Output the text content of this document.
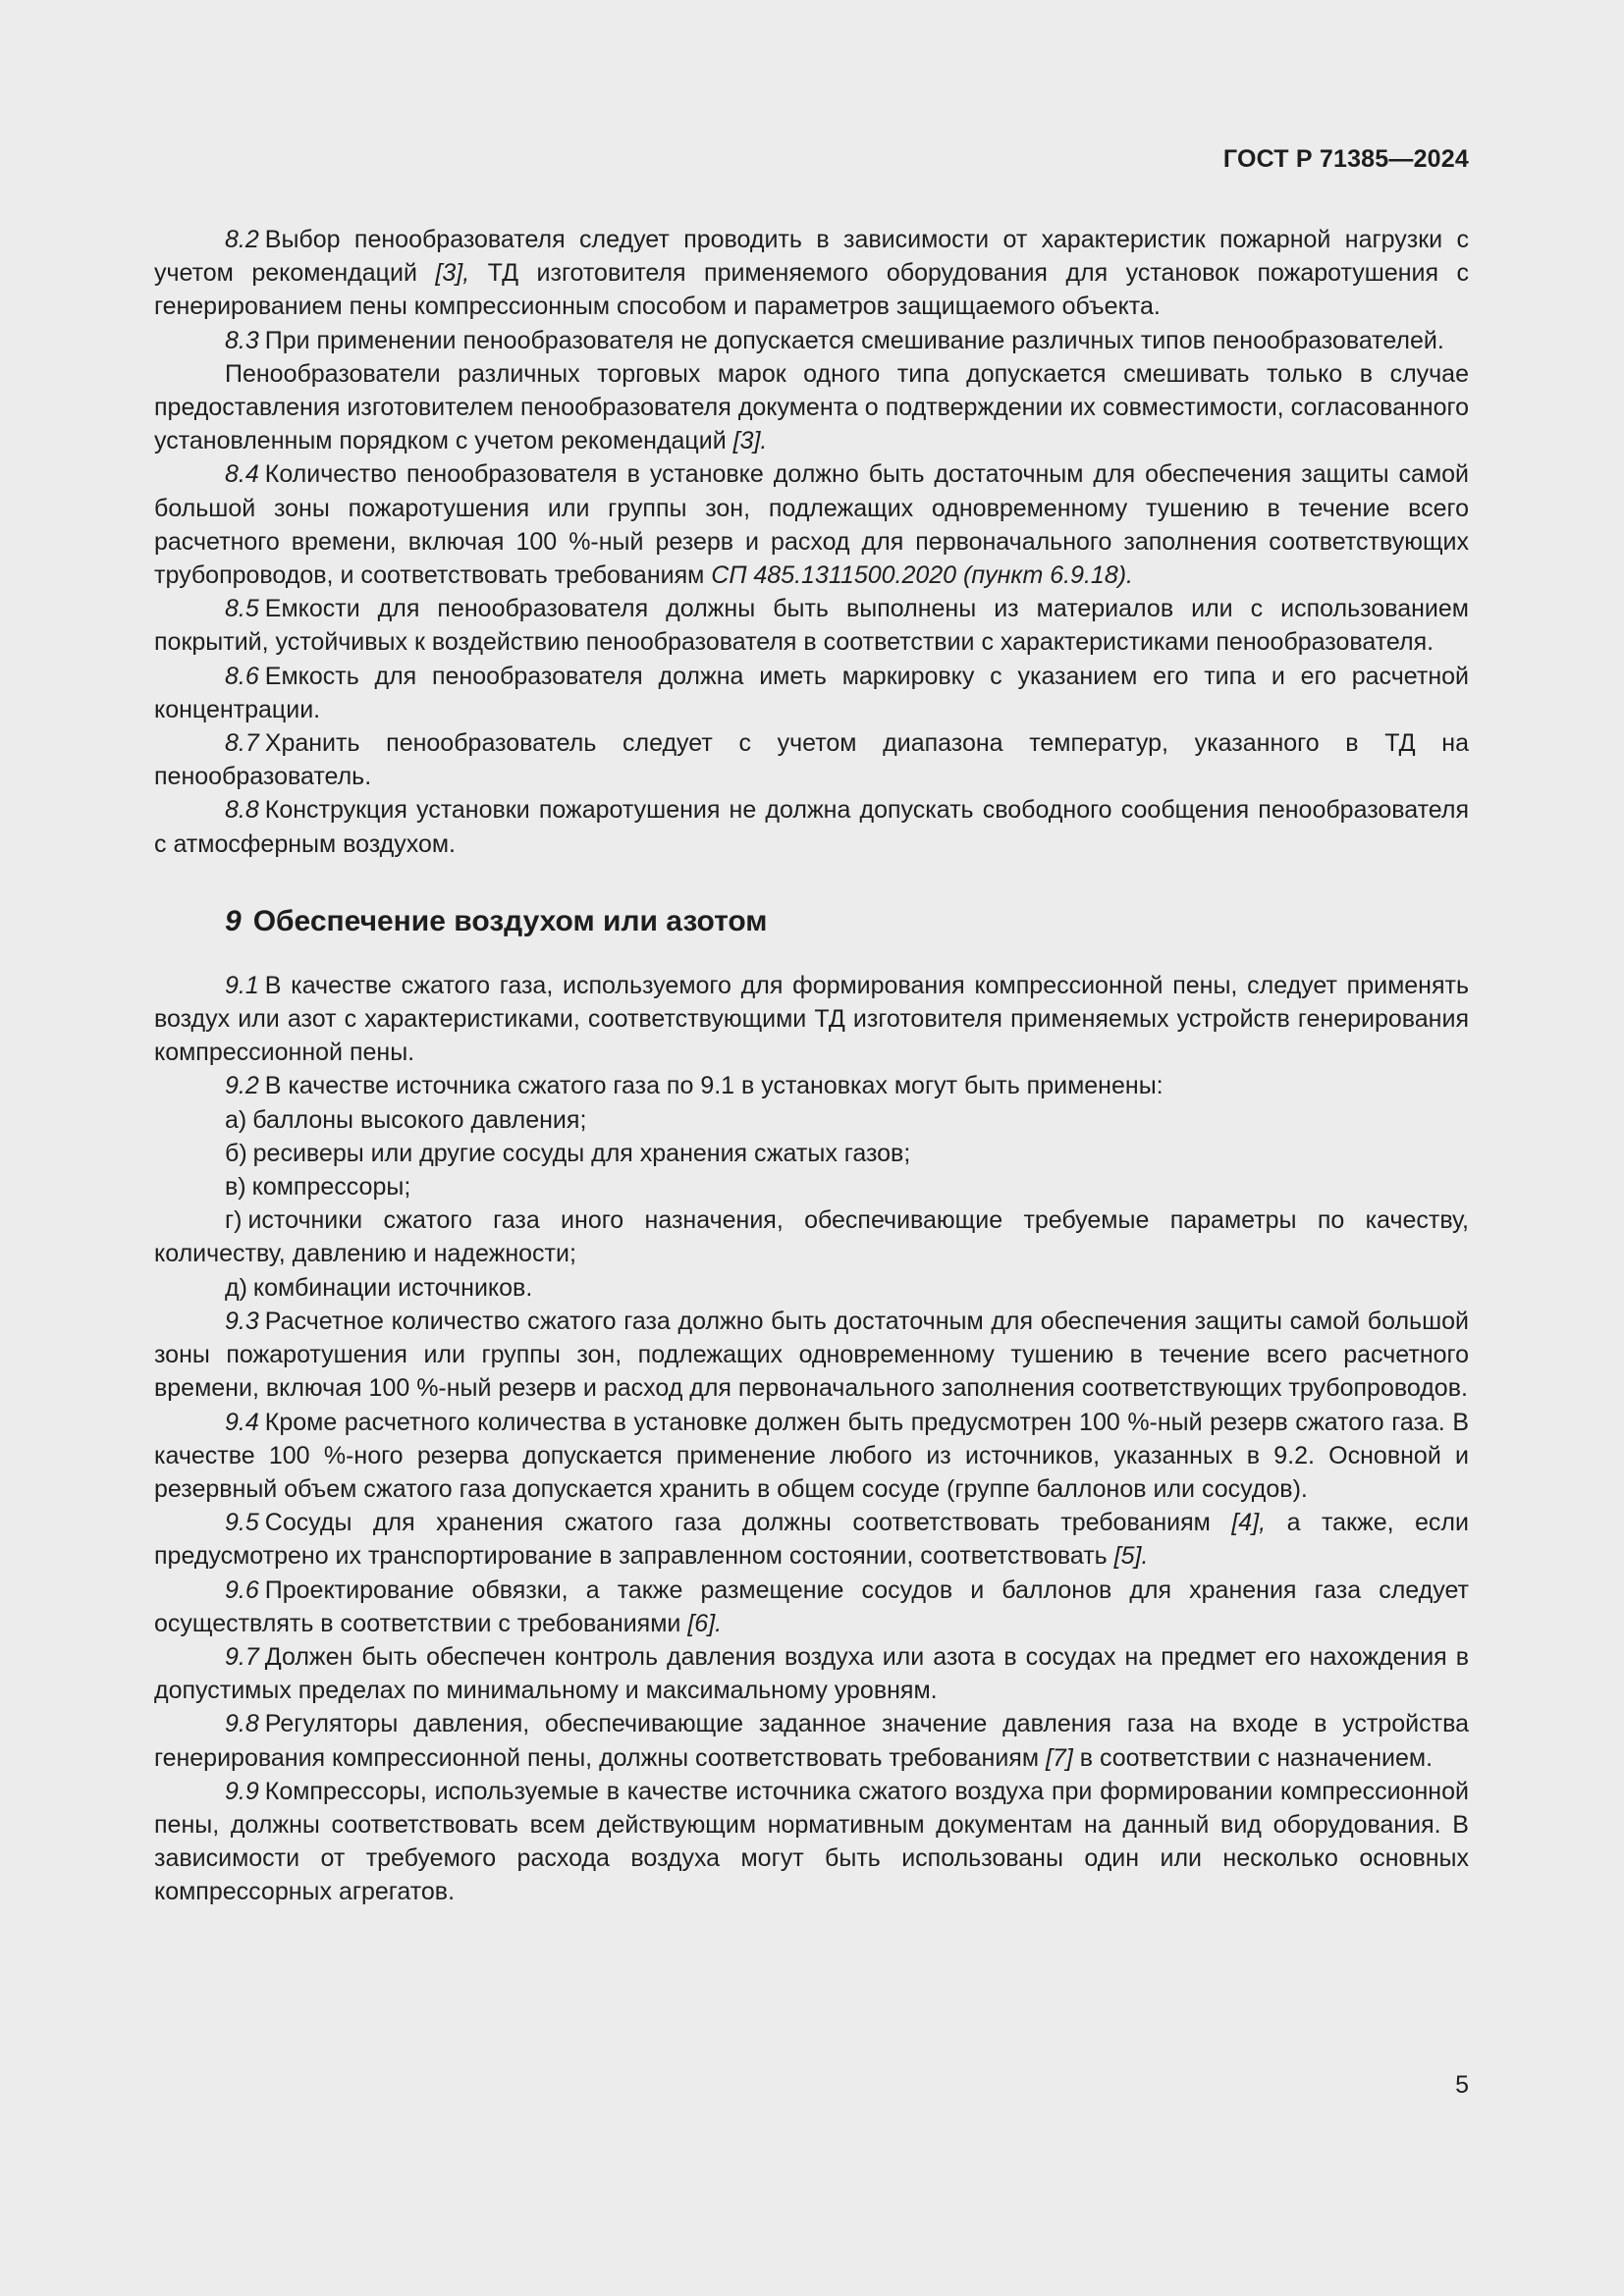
ГОСТ Р 71385—2024

8.2 Выбор пенообразователя следует проводить в зависимости от характеристик пожарной нагрузки с учетом рекомендаций [3], ТД изготовителя применяемого оборудования для установок пожаротушения с генерированием пены компрессионным способом и параметров защищаемого объекта.

8.3 При применении пенообразователя не допускается смешивание различных типов пенообразователей.

Пенообразователи различных торговых марок одного типа допускается смешивать только в случае предоставления изготовителем пенообразователя документа о подтверждении их совместимости, согласованного установленным порядком с учетом рекомендаций [3].

8.4 Количество пенообразователя в установке должно быть достаточным для обеспечения защиты самой большой зоны пожаротушения или группы зон, подлежащих одновременному тушению в течение всего расчетного времени, включая 100 %-ный резерв и расход для первоначального заполнения соответствующих трубопроводов, и соответствовать требованиям СП 485.1311500.2020 (пункт 6.9.18).

8.5 Емкости для пенообразователя должны быть выполнены из материалов или с использованием покрытий, устойчивых к воздействию пенообразователя в соответствии с характеристиками пенообразователя.

8.6 Емкость для пенообразователя должна иметь маркировку с указанием его типа и его расчетной концентрации.

8.7 Хранить пенообразователь следует с учетом диапазона температур, указанного в ТД на пенообразователь.

8.8 Конструкция установки пожаротушения не должна допускать свободного сообщения пенообразователя с атмосферным воздухом.

9 Обеспечение воздухом или азотом

9.1 В качестве сжатого газа, используемого для формирования компрессионной пены, следует применять воздух или азот с характеристиками, соответствующими ТД изготовителя применяемых устройств генерирования компрессионной пены.

9.2 В качестве источника сжатого газа по 9.1 в установках могут быть применены:

а) баллоны высокого давления;

б) ресиверы или другие сосуды для хранения сжатых газов;

в) компрессоры;

г) источники сжатого газа иного назначения, обеспечивающие требуемые параметры по качеству, количеству, давлению и надежности;

д) комбинации источников.

9.3 Расчетное количество сжатого газа должно быть достаточным для обеспечения защиты самой большой зоны пожаротушения или группы зон, подлежащих одновременному тушению в течение всего расчетного времени, включая 100 %-ный резерв и расход для первоначального заполнения соответствующих трубопроводов.

9.4 Кроме расчетного количества в установке должен быть предусмотрен 100 %-ный резерв сжатого газа. В качестве 100 %-ного резерва допускается применение любого из источников, указанных в 9.2. Основной и резервный объем сжатого газа допускается хранить в общем сосуде (группе баллонов или сосудов).

9.5 Сосуды для хранения сжатого газа должны соответствовать требованиям [4], а также, если предусмотрено их транспортирование в заправленном состоянии, соответствовать [5].

9.6 Проектирование обвязки, а также размещение сосудов и баллонов для хранения газа следует осуществлять в соответствии с требованиями [6].

9.7 Должен быть обеспечен контроль давления воздуха или азота в сосудах на предмет его нахождения в допустимых пределах по минимальному и максимальному уровням.

9.8 Регуляторы давления, обеспечивающие заданное значение давления газа на входе в устройства генерирования компрессионной пены, должны соответствовать требованиям [7] в соответствии с назначением.

9.9 Компрессоры, используемые в качестве источника сжатого воздуха при формировании компрессионной пены, должны соответствовать всем действующим нормативным документам на данный вид оборудования. В зависимости от требуемого расхода воздуха могут быть использованы один или несколько основных компрессорных агрегатов.

5
